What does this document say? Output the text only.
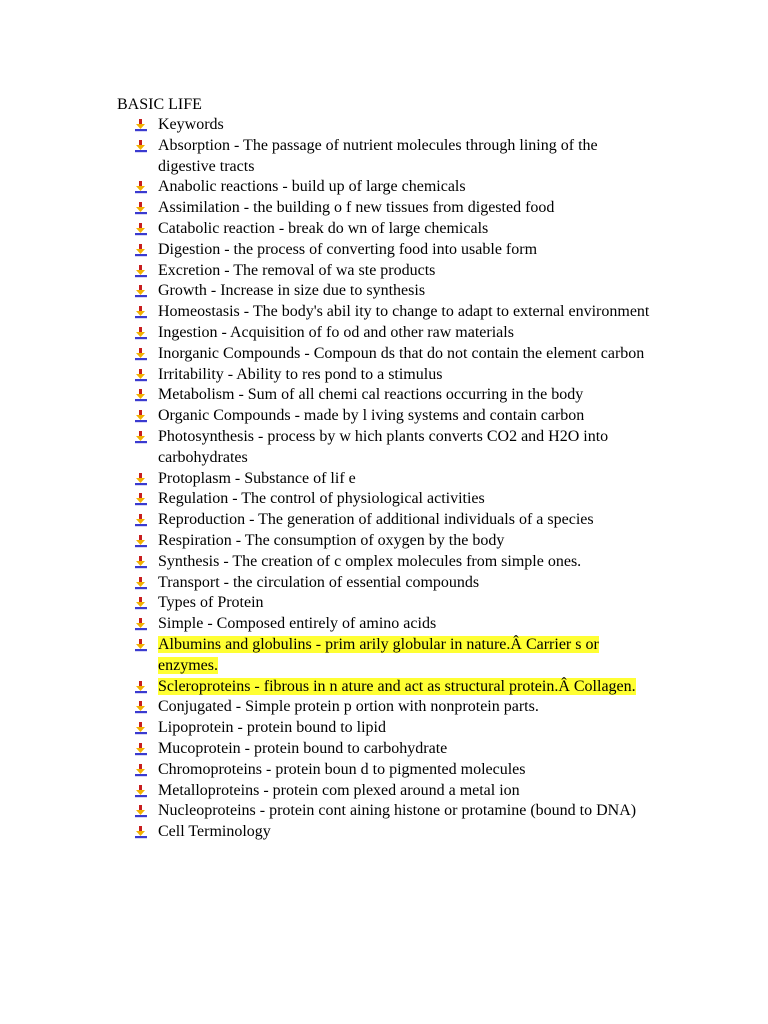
BASIC LIFE
Keywords
Absorption - The passage of nutrient molecules through lining of the digestive tracts
Anabolic reactions - build up of large chemicals
Assimilation - the building o f new tissues from digested food
Catabolic reaction - break do wn of large chemicals
Digestion - the process of converting food into usable form
Excretion - The removal of wa ste products
Growth - Increase in size due to synthesis
Homeostasis - The body's abil ity to change to adapt to external environment
Ingestion - Acquisition of fo od and other raw materials
Inorganic Compounds - Compoun ds that do not contain the element carbon
Irritability - Ability to res pond to a stimulus
Metabolism - Sum of all chemi cal reactions occurring in the body
Organic Compounds - made by l iving systems and contain carbon
Photosynthesis - process by w hich plants converts CO2 and H2O into carbohydrates
Protoplasm - Substance of lif e
Regulation - The control of physiological activities
Reproduction - The generation of additional individuals of a species
Respiration - The consumption of oxygen by the body
Synthesis - The creation of c omplex molecules from simple ones.
Transport - the circulation of essential compounds
Types of Protein
Simple - Composed entirely of amino acids
Albumins and globulins - prim arily globular in nature.Â Carrier s or enzymes.
Scleroproteins - fibrous in n ature and act as structural protein.Â Collagen.
Conjugated - Simple protein p ortion with nonprotein parts.
Lipoprotein - protein bound to lipid
Mucoprotein - protein bound to carbohydrate
Chromoproteins - protein boun d to pigmented molecules
Metalloproteins - protein com plexed around a metal ion
Nucleoproteins - protein cont aining histone or protamine (bound to DNA)
Cell Terminology
